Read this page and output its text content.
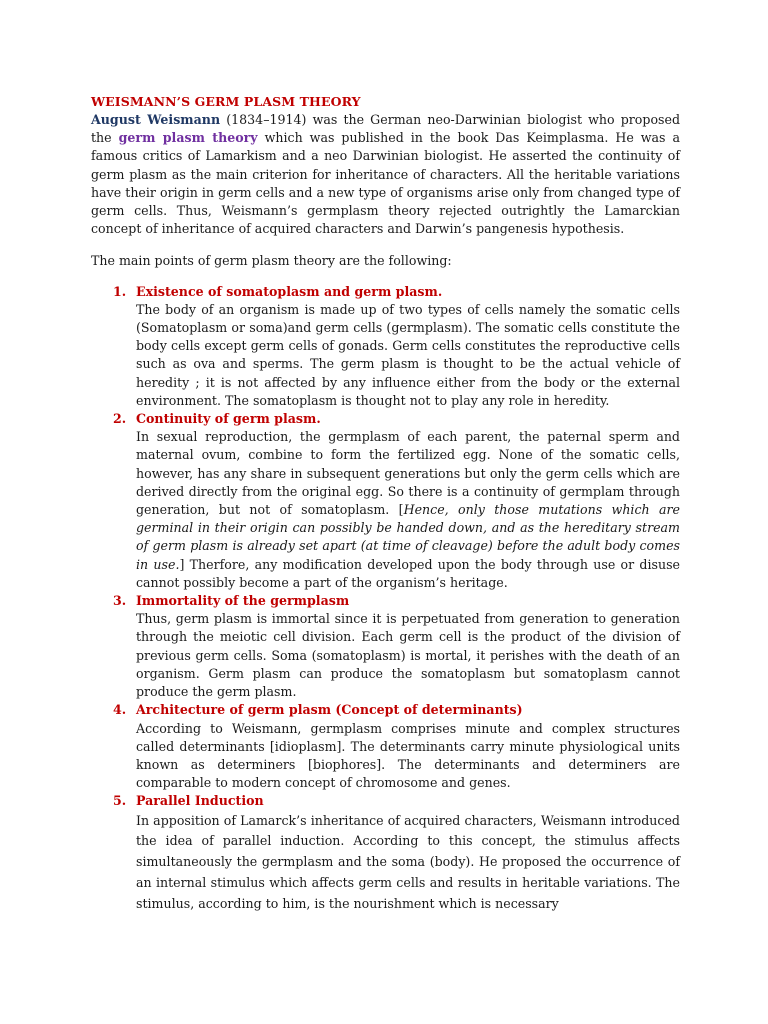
WEISMANN’S GERM PLASM THEORY

August Weismann (1834–1914) was the German neo-Darwinian biologist who proposed the germ plasm theory which was published in the book Das Keimplasma. He was a famous critics of Lamarkism and a neo Darwinian biologist. He asserted the continuity of germ plasm as the main criterion for inheritance of characters. All the heritable variations have their origin in germ cells and a new type of organisms arise only from changed type of germ cells. Thus, Weismann’s germplasm theory rejected outrightly the Lamarckian concept of inheritance of acquired characters and Darwin’s pangenesis hypothesis.

The main points of germ plasm theory are the following:
1. Existence of somatoplasm and germ plasm.

The body of an organism is made up of two types of cells namely the somatic cells (Somatoplasm or soma)and germ cells (germplasm). The somatic cells constitute the body cells except germ cells of gonads. Germ cells constitutes the reproductive cells such as ova and sperms. The germ plasm is thought to be the actual vehicle of heredity ; it is not affected by any influence either from the body or the external environment. The somatoplasm is thought not to play any role in heredity.

2. Continuity of germ plasm.

In sexual reproduction, the germplasm of each parent, the paternal sperm and maternal ovum, combine to form the fertilized egg. None of the somatic cells, however, has any share in subsequent generations but only the germ cells which are derived directly from the original egg. So there is a continuity of germplam through generation, but not of somatoplasm. [Hence, only those mutations which are germinal in their origin can possibly be handed down, and as the hereditary stream of germ plasm is already set apart (at time of cleavage) before the adult body comes in use.] Therfore, any modification developed upon the body through use or disuse cannot possibly become a part of the organism’s heritage.

3. Immortality of the germplasm

Thus, germ plasm is immortal since it is perpetuated from generation to generation through the meiotic cell division. Each germ cell is the product of the division of previous germ cells. Soma (somatoplasm) is mortal, it perishes with the death of an organism. Germ plasm can produce the somatoplasm but somatoplasm cannot produce the germ plasm.

4. Architecture of germ plasm (Concept of determinants)

According to Weismann, germplasm comprises minute and complex structures called determinants [idioplasm]. The determinants carry minute physiological units known as determiners [biophores]. The determinants and determiners are comparable to modern concept of chromosome and genes.

5. Parallel Induction

In apposition of Lamarck’s inheritance of acquired characters, Weismann introduced the idea of parallel induction. According to this concept, the stimulus affects simultaneously the germplasm and the soma (body). He proposed the occurrence of an internal stimulus which affects germ cells and results in heritable variations. The stimulus, according to him, is the nourishment which is necessary
